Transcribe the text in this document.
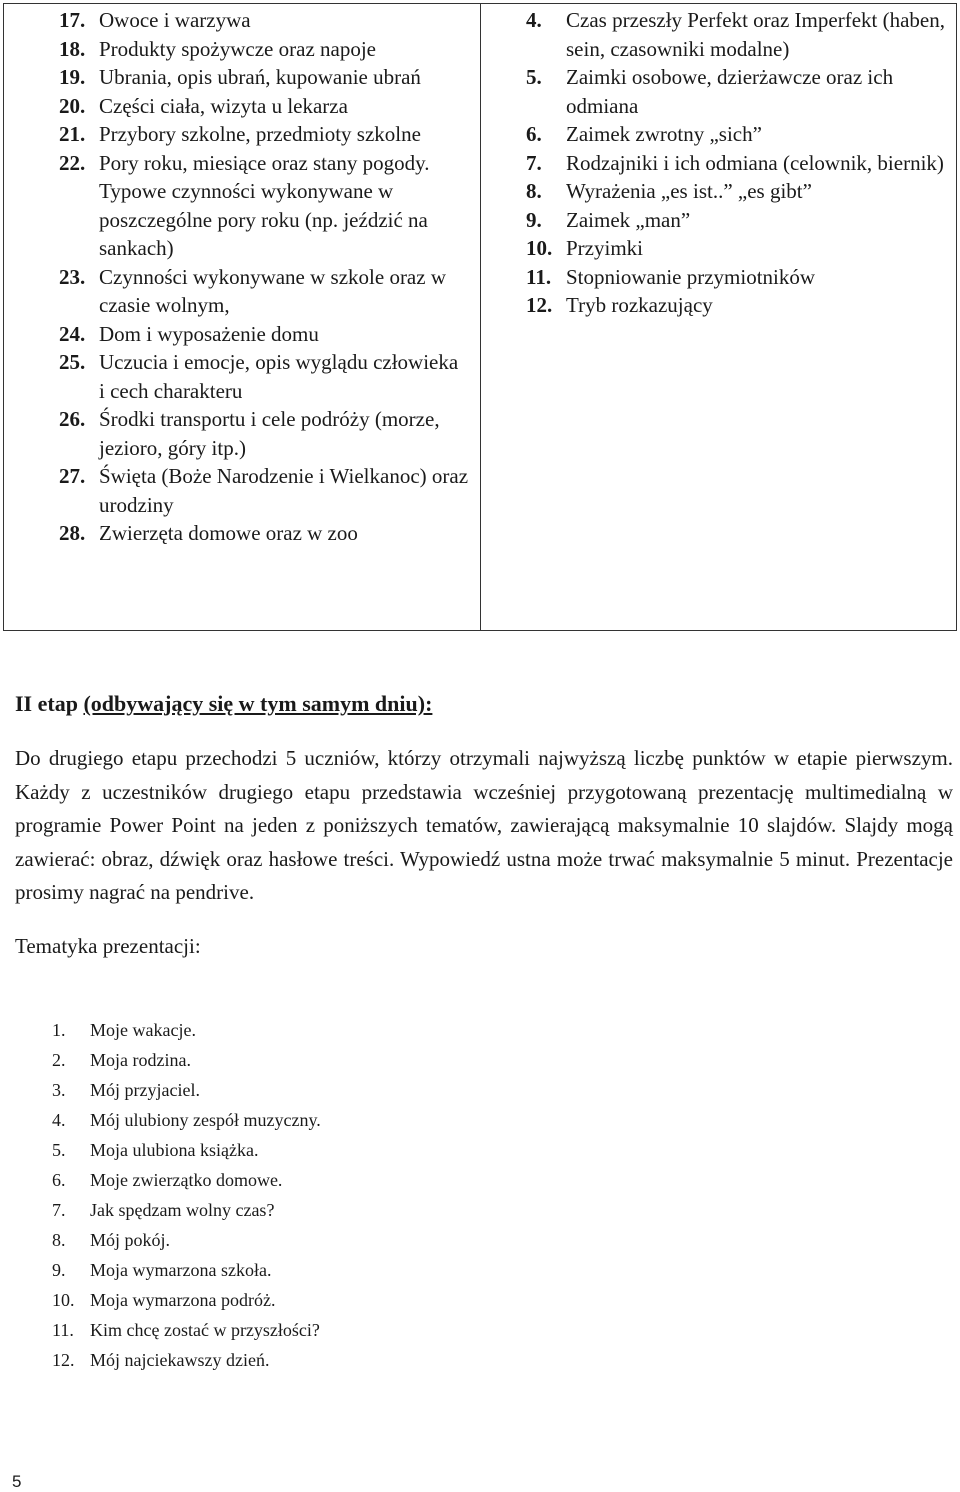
17. Owoce i warzywa
18. Produkty spożywcze oraz napoje
19. Ubrania, opis ubrań, kupowanie ubrań
20. Części ciała, wizyta u lekarza
21. Przybory szkolne, przedmioty szkolne
22. Pory roku, miesiące oraz stany pogody. Typowe czynności wykonywane w poszczególne pory roku (np. jeździć na sankach)
23. Czynności wykonywane w szkole oraz w czasie wolnym,
24. Dom i wyposażenie domu
25. Uczucia i emocje, opis wyglądu człowieka i cech charakteru
26. Środki transportu i cele podróży (morze, jezioro, góry itp.)
27. Święta (Boże Narodzenie i Wielkanoc) oraz urodziny
28. Zwierzęta domowe oraz w zoo
4. Czas przeszły Perfekt oraz Imperfekt (haben, sein, czasowniki modalne)
5. Zaimki osobowe, dzierżawcze oraz ich odmiana
6. Zaimek zwrotny „sich”
7. Rodzajniki i ich odmiana (celownik, biernik)
8. Wyrażenia „es ist..” „es gibt”
9. Zaimek „man”
10. Przyimki
11. Stopniowanie przymiotników
12. Tryb rozkazujący
II etap (odbywający się w tym samym dniu):

Do drugiego etapu przechodzi 5 uczniów, którzy otrzymali najwyższą liczbę punktów w etapie pierwszym. Każdy z uczestników drugiego etapu przedstawia wcześniej przygotowaną prezentację multimedialną w programie Power Point na jeden z poniższych tematów, zawierającą maksymalnie 10 slajdów. Slajdy mogą zawierać: obraz, dźwięk oraz hasłowe treści. Wypowiedź ustna może trwać maksymalnie 5 minut. Prezentacje prosimy nagrać na pendrive.

Tematyka prezentacji:
1. Moje wakacje.
2. Moja rodzina.
3. Mój przyjaciel.
4. Mój ulubiony zespół muzyczny.
5. Moja ulubiona książka.
6. Moje zwierzątko domowe.
7. Jak spędzam wolny czas?
8. Mój pokój.
9. Moja wymarzona szkoła.
10. Moja wymarzona podróż.
11. Kim chcę zostać w przyszłości?
12. Mój najciekawszy dzień.
5
